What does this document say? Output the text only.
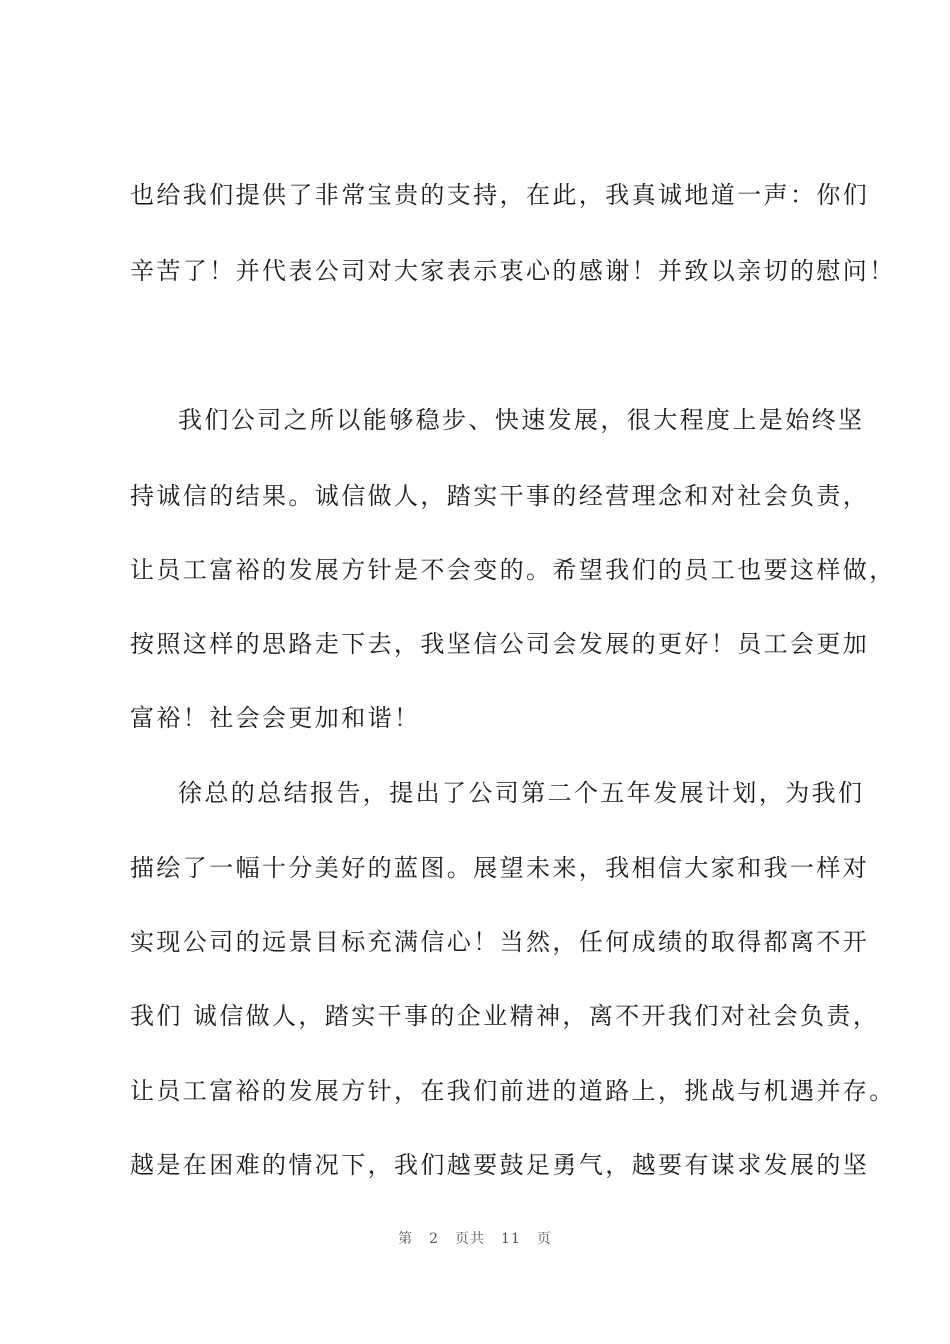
也给我们提供了非常宝贵的支持，在此，我真诚地道一声：你们
辛苦了！并代表公司对大家表示衷心的感谢！并致以亲切的慰问！
我们公司之所以能够稳步、快速发展，很大程度上是始终坚
持诚信的结果。诚信做人，踏实干事的经营理念和对社会负责，
让员工富裕的发展方针是不会变的。希望我们的员工也要这样做，
按照这样的思路走下去，我坚信公司会发展的更好！员工会更加
富裕！社会会更加和谐！
徐总的总结报告，提出了公司第二个五年发展计划，为我们
描绘了一幅十分美好的蓝图。展望未来，我相信大家和我一样对
实现公司的远景目标充满信心！当然，任何成绩的取得都离不开
我们 诚信做人，踏实干事的企业精神，离不开我们对社会负责，
让员工富裕的发展方针，在我们前进的道路上，挑战与机遇并存。
越是在困难的情况下，我们越要鼓足勇气，越要有谋求发展的坚
第 2 页共 11 页
